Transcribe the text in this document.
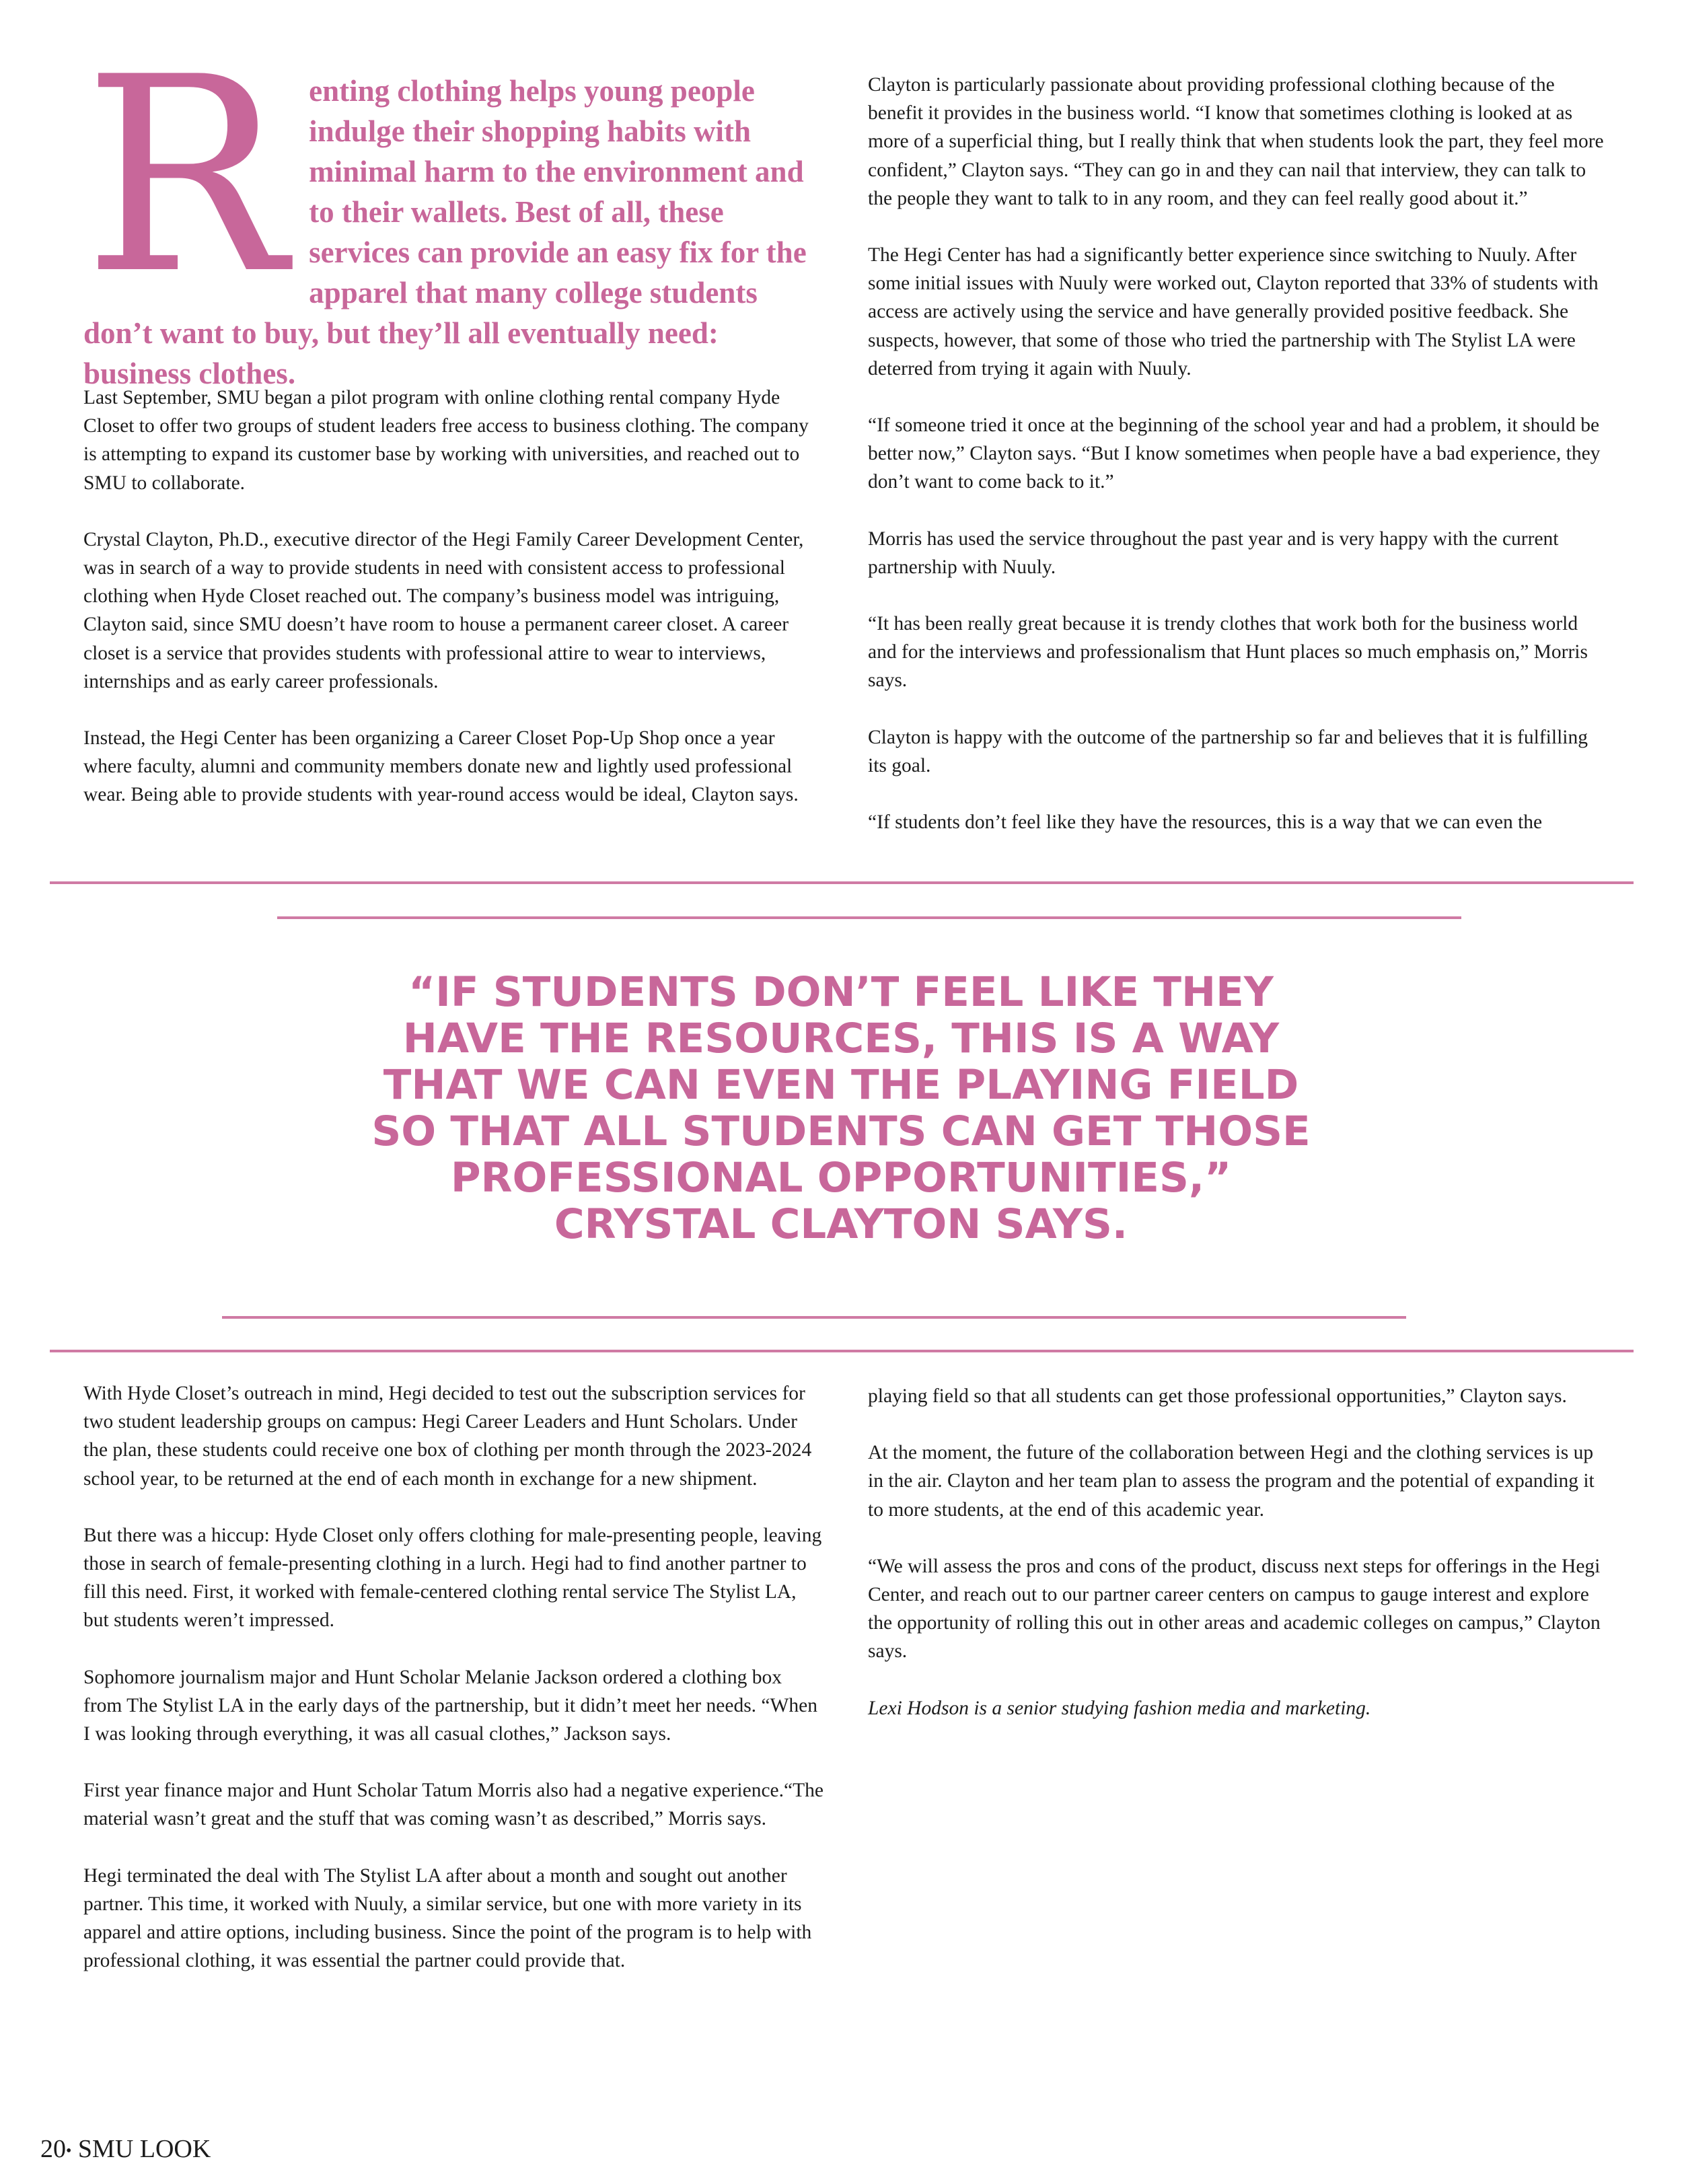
R enting clothing helps young people indulge their shopping habits with minimal harm to the environment and to their wallets. Best of all, these services can provide an easy fix for the apparel that many college students don’t want to buy, but they’ll all eventually need: business clothes.

Last September, SMU began a pilot program with online clothing rental company Hyde Closet to offer two groups of student leaders free access to business clothing. The company is attempting to expand its customer base by working with universities, and reached out to SMU to collaborate.

Crystal Clayton, Ph.D., executive director of the Hegi Family Career Development Center, was in search of a way to provide students in need with consistent access to professional clothing when Hyde Closet reached out. The company’s business model was intriguing, Clayton said, since SMU doesn’t have room to house a permanent career closet. A career closet is a service that provides students with professional attire to wear to interviews, internships and as early career professionals.

Instead, the Hegi Center has been organizing a Career Closet Pop-Up Shop once a year where faculty, alumni and community members donate new and lightly used professional wear. Being able to provide students with year-round access would be ideal, Clayton says.

Clayton is particularly passionate about providing professional clothing because of the benefit it provides in the business world. “I know that sometimes clothing is looked at as more of a superficial thing, but I really think that when students look the part, they feel more confident,” Clayton says. “They can go in and they can nail that interview, they can talk to the people they want to talk to in any room, and they can feel really good about it.”

The Hegi Center has had a significantly better experience since switching to Nuuly. After some initial issues with Nuuly were worked out, Clayton reported that 33% of students with access are actively using the service and have generally provided positive feedback. She suspects, however, that some of those who tried the partnership with The Stylist LA were deterred from trying it again with Nuuly.

“If someone tried it once at the beginning of the school year and had a problem, it should be better now,” Clayton says. “But I know sometimes when people have a bad experience, they don’t want to come back to it.”

Morris has used the service throughout the past year and is very happy with the current partnership with Nuuly.

“It has been really great because it is trendy clothes that work both for the business world and for the interviews and professionalism that Hunt places so much emphasis on,” Morris says.

Clayton is happy with the outcome of the partnership so far and believes that it is fulfilling its goal.

“If students don’t feel like they have the resources, this is a way that we can even the

“IF STUDENTS DON’T FEEL LIKE THEY
HAVE THE RESOURCES, THIS IS A WAY
THAT WE CAN EVEN THE PLAYING FIELD
SO THAT ALL STUDENTS CAN GET THOSE
PROFESSIONAL OPPORTUNITIES,”
CRYSTAL CLAYTON SAYS.

With Hyde Closet’s outreach in mind, Hegi decided to test out the subscription services for two student leadership groups on campus: Hegi Career Leaders and Hunt Scholars. Under the plan, these students could receive one box of clothing per month through the 2023-2024 school year, to be returned at the end of each month in exchange for a new shipment.

But there was a hiccup: Hyde Closet only offers clothing for male-presenting people, leaving those in search of female-presenting clothing in a lurch. Hegi had to find another partner to fill this need. First, it worked with female-centered clothing rental service The Stylist LA, but students weren’t impressed.

Sophomore journalism major and Hunt Scholar Melanie Jackson ordered a clothing box from The Stylist LA in the early days of the partnership, but it didn’t meet her needs. “When I was looking through everything, it was all casual clothes,” Jackson says.

First year finance major and Hunt Scholar Tatum Morris also had a negative experience.“The material wasn’t great and the stuff that was coming wasn’t as described,” Morris says.

Hegi terminated the deal with The Stylist LA after about a month and sought out another partner. This time, it worked with Nuuly, a similar service, but one with more variety in its apparel and attire options, including business. Since the point of the program is to help with professional clothing, it was essential the partner could provide that.

playing field so that all students can get those professional opportunities,” Clayton says.

At the moment, the future of the collaboration between Hegi and the clothing services is up in the air. Clayton and her team plan to assess the program and the potential of expanding it to more students, at the end of this academic year.

“We will assess the pros and cons of the product, discuss next steps for offerings in the Hegi Center, and reach out to our partner career centers on campus to gauge interest and explore the opportunity of rolling this out in other areas and academic colleges on campus,” Clayton says.

Lexi Hodson is a senior studying fashion media and marketing.

20• SMU LOOK
